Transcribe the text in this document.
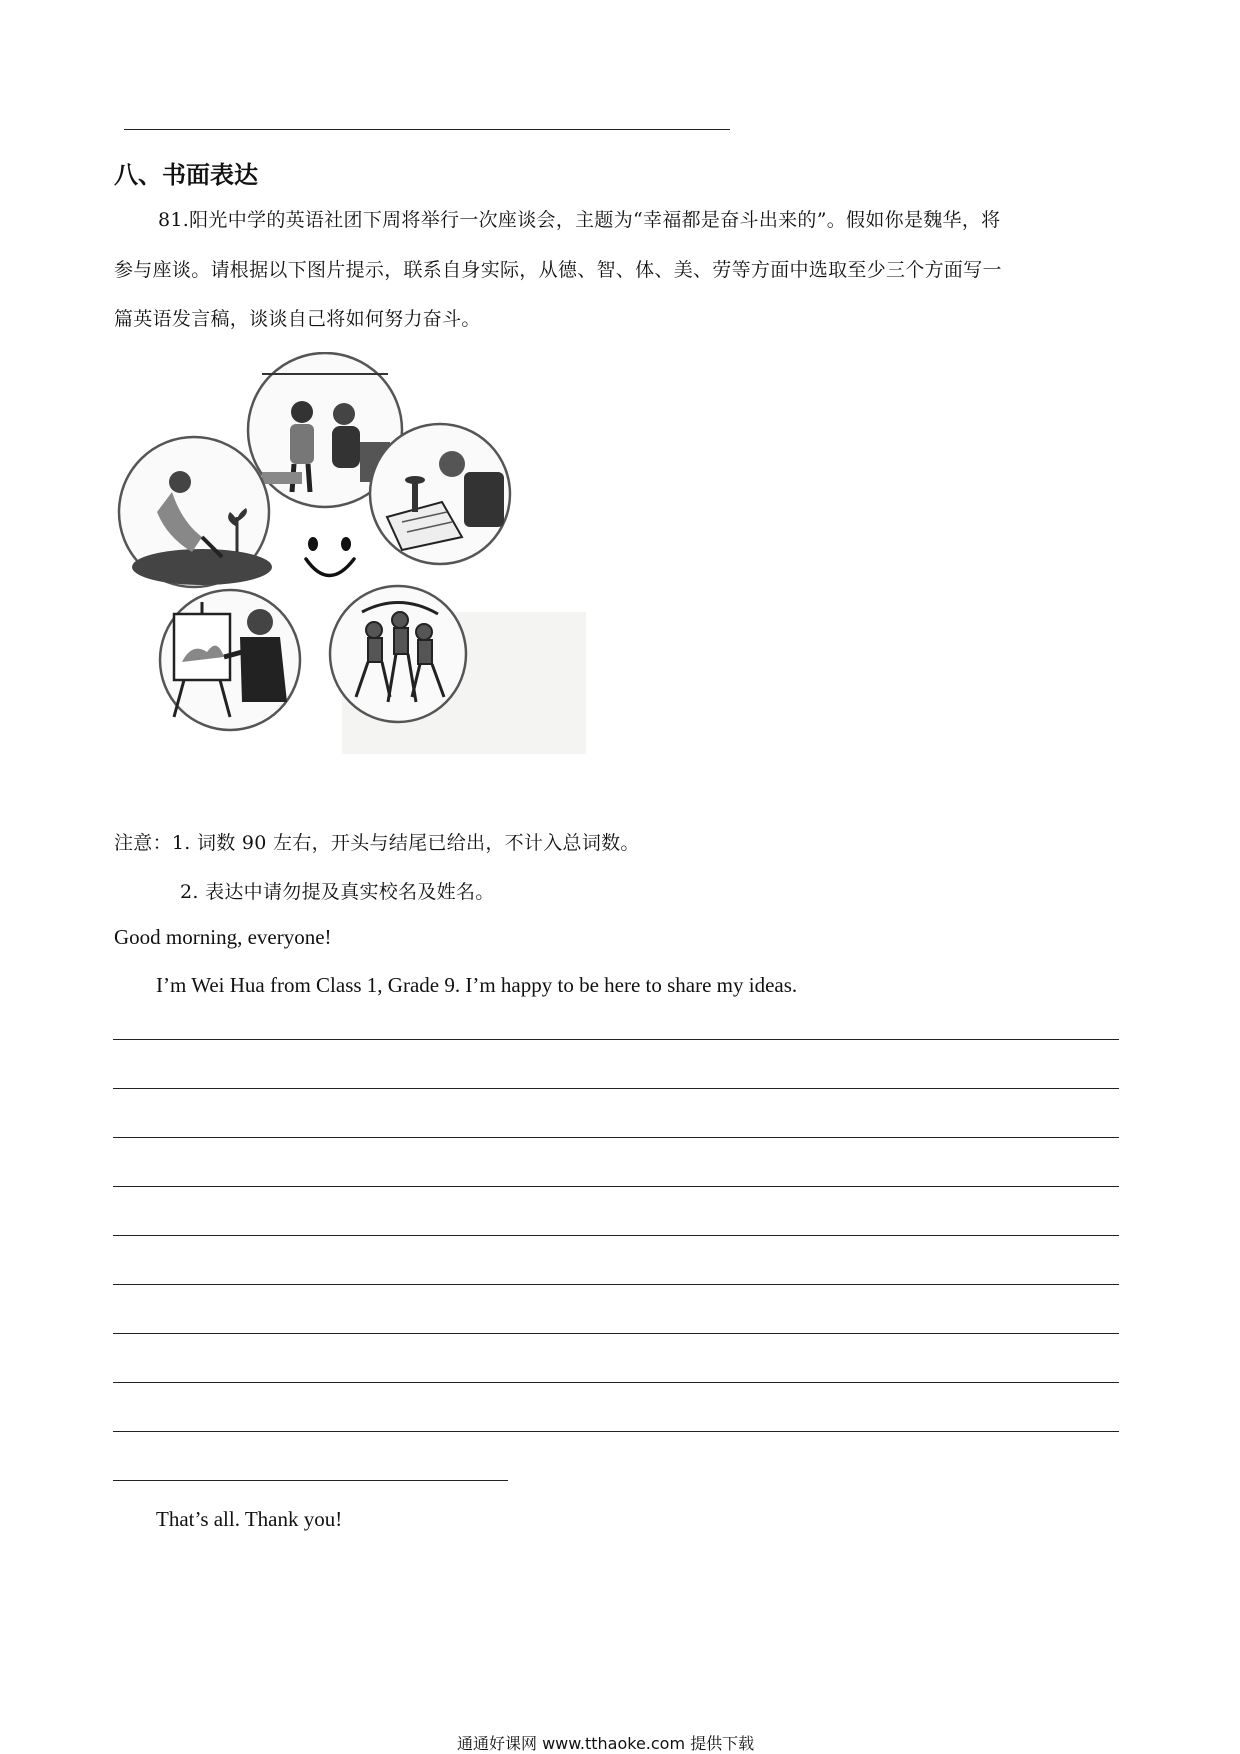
八、书面表达
81.阳光中学的英语社团下周将举行一次座谈会，主题为“幸福都是奋斗出来的”。假如你是魏华，将
参与座谈。请根据以下图片提示，联系自身实际，从德、智、体、美、劳等方面中选取至少三个方面写一
篇英语发言稿，谈谈自己将如何努力奋斗。
注意：1. 词数 90 左右，开头与结尾已给出，不计入总词数。
2. 表达中请勿提及真实校名及姓名。
Good morning, everyone!
I’m Wei Hua from Class 1, Grade 9. I’m happy to be here to share my ideas.
That’s all. Thank you!
通通好课网 www.tthaoke.com 提供下载
